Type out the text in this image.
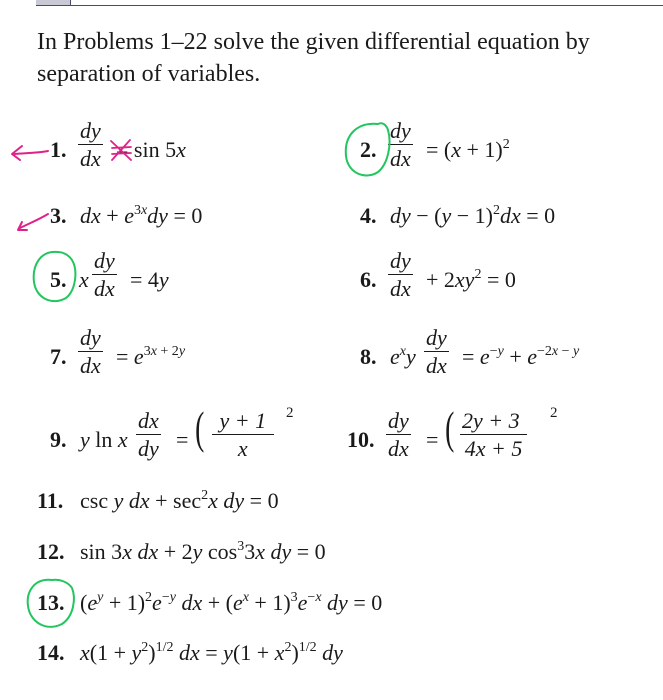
In Problems 1–22 solve the given differential equation by separation of variables.
1. $\frac{dy}{dx} = \sin 5x$	2. $\frac{dy}{dx} = (x + 1)^2$
3. dx + $e^{3x}dy = 0$	4. dy − $(y - 1)^2dx = 0$
5. x $\frac{dy}{dx} = 4y$	6. $\frac{dy}{dx} + 2xy^2 = 0$
7. $\frac{dy}{dx} = e^{3x + 2y}$	8. $e^xy \frac{dy}{dx} = e^{-y} + e^{-2x - y}$
9. y ln x $\frac{dx}{dy}$ = ( $\frac{y + 1}{x} 2$
10. $\frac{dy}{dx}$ = ( $\frac{2y + 3}{4x + 5} 2$
11. csc y dx + $\sec^2x$ dy = 0
12. sin 3x dx + 2y $\cos^33x$ dy = 0
13. $(e^y + 1)^2e^{-y}$ dx + $(e^x + 1)^3e^{-x}$ dy = 0
14. $x(1 + y^2)^{1/2}$ dx = $y(1 + x^2)^{1/2}$ dy
